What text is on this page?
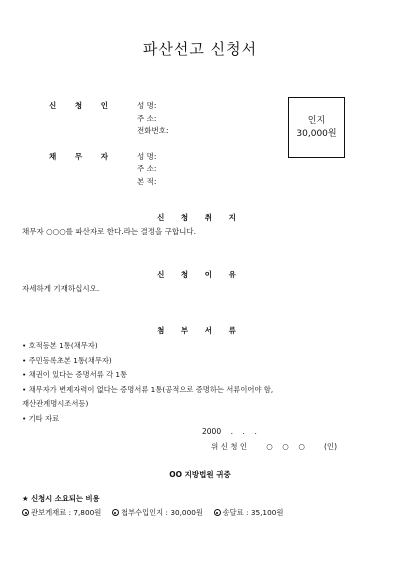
파산선고 신청서
신 청 인	성 명:
주 소:
전화번호:
채 무 자	성 명:
주 소:
본 적:
인지
30,000원
신 청 취 지
채무자 ○○○를 파산자로 한다.라는 결정을 구합니다.
신 청 이 유
자세하게 기재하십시오.
첨 부 서 류
• 호적등본 1통(채무자)
• 주민등록초본 1통(채무자)
• 채권이 있다는 증명서류 각 1통
• 채무자가 변제자력이 없다는 증명서류 1통(공적으로 증명하는 서류이어야 함,
재산관계명시조서등)
• 기타 자료
2000    .    .    .
위 신 청 인        ○    ○    ○        (인)
OO 지방법원 귀중
★ 신청시 소요되는 비용
관보게재료 : 7,800원	첩부수입인지 : 30,000원	송달료 : 35,100원
